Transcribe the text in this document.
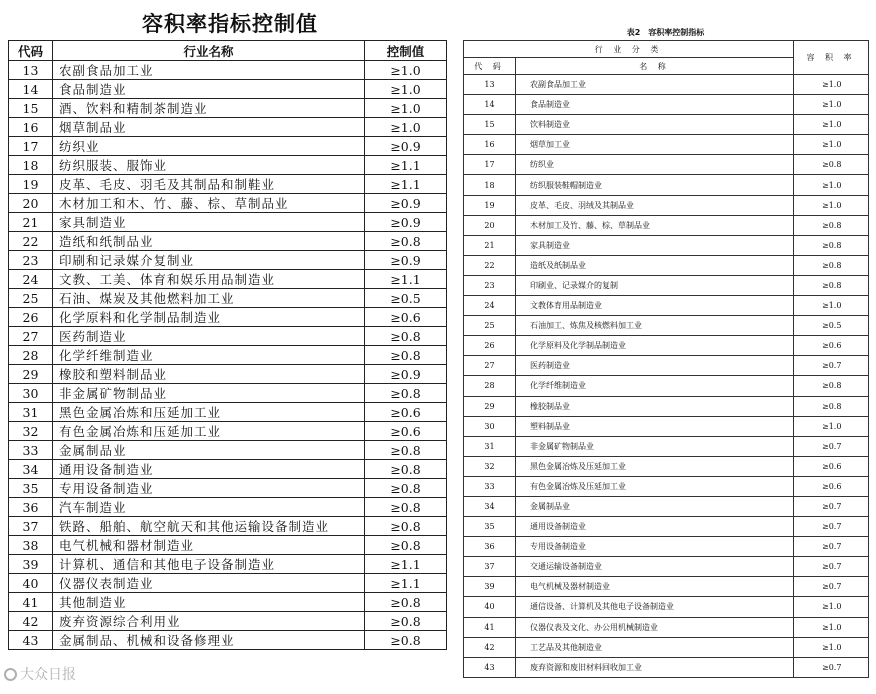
容积率指标控制值
代码	行业名称	控制值
13	农副食品加工业	≥1.0
14	食品制造业	≥1.0
15	酒、饮料和精制茶制造业	≥1.0
16	烟草制品业	≥1.0
17	纺织业	≥0.9
18	纺织服装、服饰业	≥1.1
19	皮革、毛皮、羽毛及其制品和制鞋业	≥1.1
20	木材加工和木、竹、藤、棕、草制品业	≥0.9
21	家具制造业	≥0.9
22	造纸和纸制品业	≥0.8
23	印刷和记录媒介复制业	≥0.9
24	文教、工美、体育和娱乐用品制造业	≥1.1
25	石油、煤炭及其他燃料加工业	≥0.5
26	化学原料和化学制品制造业	≥0.6
27	医药制造业	≥0.8
28	化学纤维制造业	≥0.8
29	橡胶和塑料制品业	≥0.9
30	非金属矿物制品业	≥0.8
31	黑色金属冶炼和压延加工业	≥0.6
32	有色金属冶炼和压延加工业	≥0.6
33	金属制品业	≥0.8
34	通用设备制造业	≥0.8
35	专用设备制造业	≥0.8
36	汽车制造业	≥0.8
37	铁路、船舶、航空航天和其他运输设备制造业	≥0.8
38	电气机械和器材制造业	≥0.8
39	计算机、通信和其他电子设备制造业	≥1.1
40	仪器仪表制造业	≥1.1
41	其他制造业	≥0.8
42	废弃资源综合利用业	≥0.8
43	金属制品、机械和设备修理业	≥0.8
表2　容积率控制指标
行 业 分 类		容 积 率
代 码	名 称	
13	农副食品加工业	≥1.0
14	食品制造业	≥1.0
15	饮料制造业	≥1.0
16	烟草加工业	≥1.0
17	纺织业	≥0.8
18	纺织服装鞋帽制造业	≥1.0
19	皮革、毛皮、羽绒及其制品业	≥1.0
20	木材加工及竹、藤、棕、草制品业	≥0.8
21	家具制造业	≥0.8
22	造纸及纸制品业	≥0.8
23	印刷业、记录媒介的复制	≥0.8
24	文教体育用品制造业	≥1.0
25	石油加工、炼焦及核燃料加工业	≥0.5
26	化学原料及化学制品制造业	≥0.6
27	医药制造业	≥0.7
28	化学纤维制造业	≥0.8
29	橡胶制品业	≥0.8
30	塑料制品业	≥1.0
31	非金属矿物制品业	≥0.7
32	黑色金属冶炼及压延加工业	≥0.6
33	有色金属冶炼及压延加工业	≥0.6
34	金属制品业	≥0.7
35	通用设备制造业	≥0.7
36	专用设备制造业	≥0.7
37	交通运输设备制造业	≥0.7
39	电气机械及器材制造业	≥0.7
40	通信设备、计算机及其他电子设备制造业	≥1.0
41	仪器仪表及文化、办公用机械制造业	≥1.0
42	工艺品及其他制造业	≥1.0
43	废弃资源和废旧材料回收加工业	≥0.7
大众日报
